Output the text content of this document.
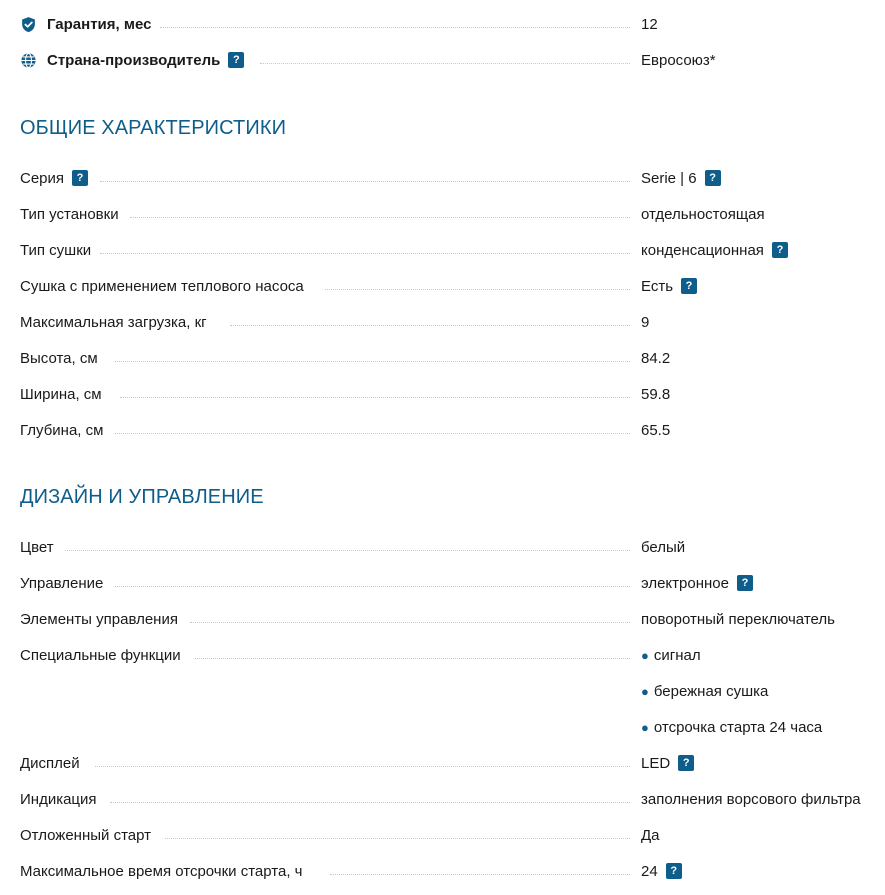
Гарантия, мес	12
Страна-производитель	?	Евросоюз*
ОБЩИЕ ХАРАКТЕРИСТИКИ
Серия	?	Serie | 6	?
Тип установки	отдельностоящая
Тип сушки	конденсационная	?
Сушка с применением теплового насоса	Есть	?
Максимальная загрузка, кг	9
Высота, см	84.2
Ширина, см	59.8
Глубина, см	65.5
ДИЗАЙН И УПРАВЛЕНИЕ
Цвет	белый
Управление	электронное	?
Элементы управления	поворотный переключатель
Специальные функции	● сигнал
● бережная сушка
● отсрочка старта 24 часа
Дисплей	LED	?
Индикация	заполнения ворсового фильтра
Отложенный старт	Да
Максимальное время отсрочки старта, ч	24	?
